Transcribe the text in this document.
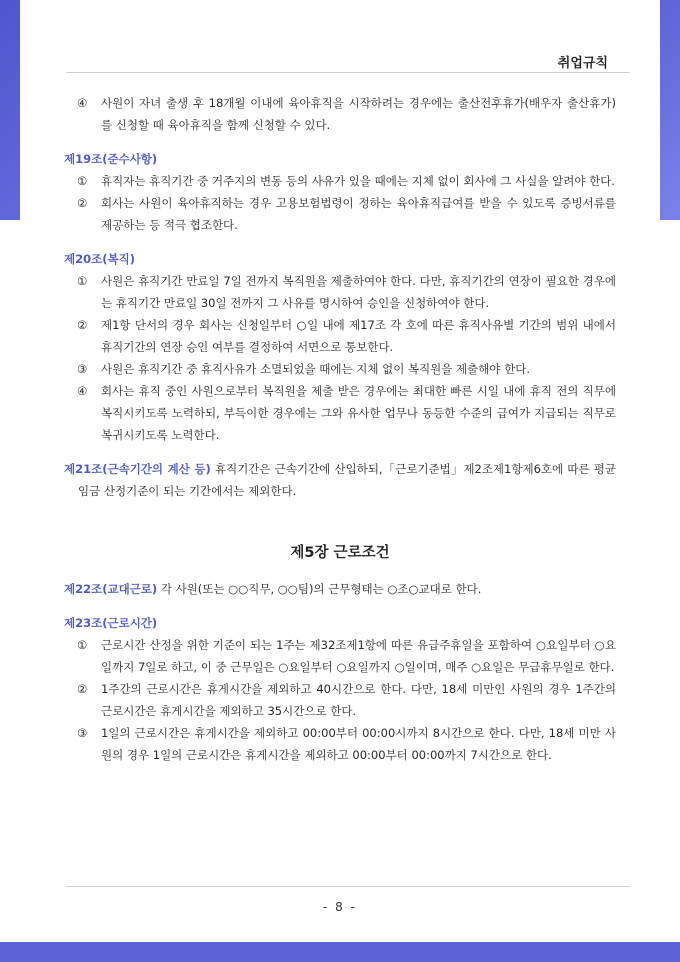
취업규칙
④ 사원이 자녀 출생 후 18개월 이내에 육아휴직을 시작하려는 경우에는 출산전후휴가(배우자 출산휴가)를 신청할 때 육아휴직을 함께 신청할 수 있다.
제19조(준수사항)
① 휴직자는 휴직기간 중 거주지의 변동 등의 사유가 있을 때에는 지체 없이 회사에 그 사실을 알려야 한다.
② 회사는 사원이 육아휴직하는 경우 고용보험법령이 정하는 육아휴직급여를 받을 수 있도록 증빙서류를 제공하는 등 적극 협조한다.
제20조(복직)
① 사원은 휴직기간 만료일 7일 전까지 복직원을 제출하여야 한다. 다만, 휴직기간의 연장이 필요한 경우에는 휴직기간 만료일 30일 전까지 그 사유를 명시하여 승인을 신청하여야 한다.
② 제1항 단서의 경우 회사는 신청일부터 ○일 내에 제17조 각 호에 따른 휴직사유별 기간의 범위 내에서 휴직기간의 연장 승인 여부를 결정하여 서면으로 통보한다.
③ 사원은 휴직기간 중 휴직사유가 소멸되었을 때에는 지체 없이 복직원을 제출해야 한다.
④ 회사는 휴직 중인 사원으로부터 복직원을 제출 받은 경우에는 최대한 빠른 시일 내에 휴직 전의 직무에 복직시키도록 노력하되, 부득이한 경우에는 그와 유사한 업무나 동등한 수준의 급여가 지급되는 직무로 복귀시키도록 노력한다.
제21조(근속기간의 계산 등) 휴직기간은 근속기간에 산입하되,「근로기준법」제2조제1항제6호에 따른 평균임금 산정기준이 되는 기간에서는 제외한다.
제5장 근로조건
제22조(교대근로) 각 사원(또는 ○○직무, ○○팀)의 근무형태는 ○조○교대로 한다.
제23조(근로시간)
① 근로시간 산정을 위한 기준이 되는 1주는 제32조제1항에 따른 유급주휴일을 포함하여 ○요일부터 ○요일까지 7일로 하고, 이 중 근무일은 ○요일부터 ○요일까지 ○일이며, 매주 ○요일은 무급휴무일로 한다.
② 1주간의 근로시간은 휴게시간을 제외하고 40시간으로 한다. 다만, 18세 미만인 사원의 경우 1주간의 근로시간은 휴게시간을 제외하고 35시간으로 한다.
③ 1일의 근로시간은 휴게시간을 제외하고 00:00부터 00:00시까지 8시간으로 한다. 다만, 18세 미만 사원의 경우 1일의 근로시간은 휴게시간을 제외하고 00:00부터 00:00까지 7시간으로 한다.
- 8 -
